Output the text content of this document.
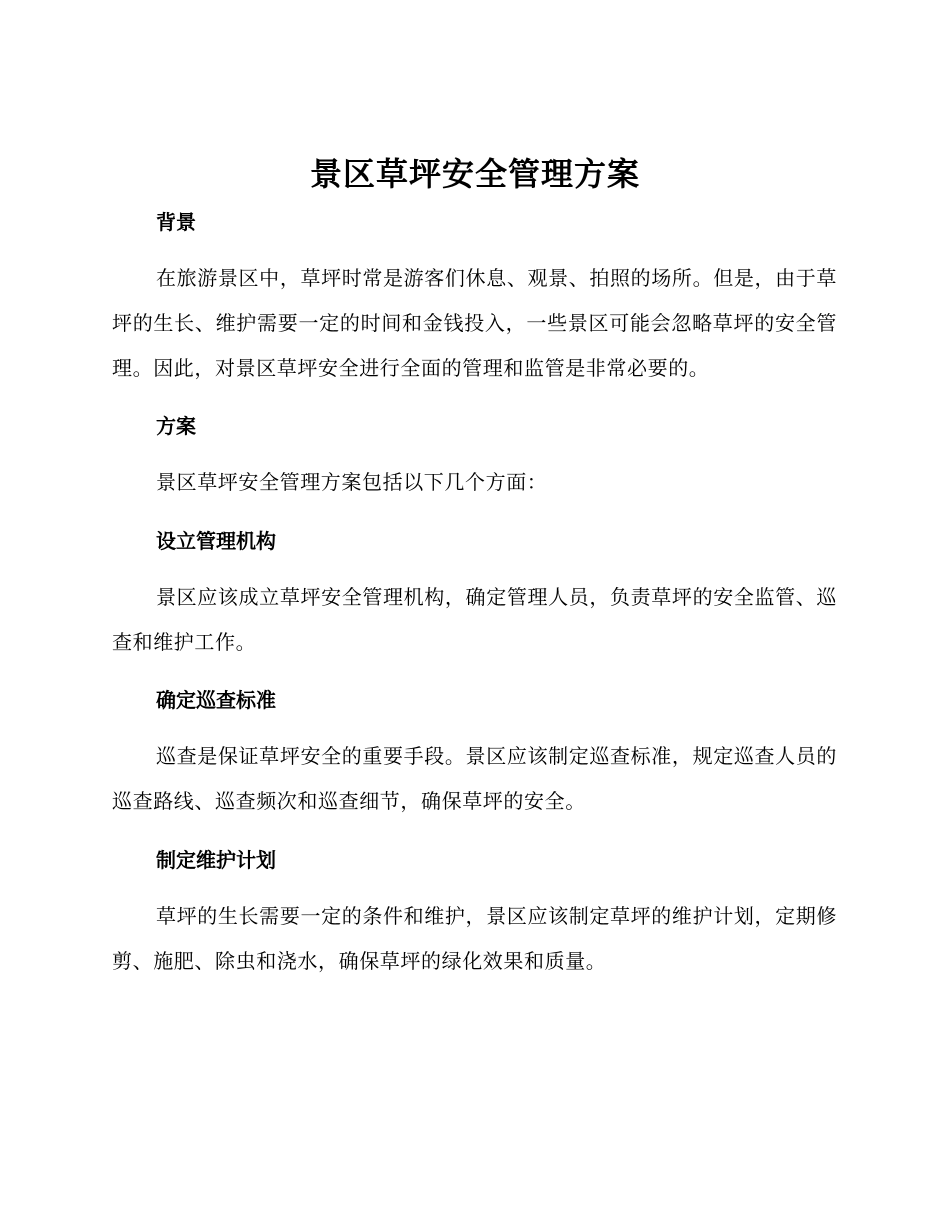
景区草坪安全管理方案
背景

在旅游景区中，草坪时常是游客们休息、观景、拍照的场所。但是，由于草坪的生长、维护需要一定的时间和金钱投入，一些景区可能会忽略草坪的安全管理。因此，对景区草坪安全进行全面的管理和监管是非常必要的。

方案

景区草坪安全管理方案包括以下几个方面：

设立管理机构

景区应该成立草坪安全管理机构，确定管理人员，负责草坪的安全监管、巡查和维护工作。

确定巡查标准

巡查是保证草坪安全的重要手段。景区应该制定巡查标准，规定巡查人员的巡查路线、巡查频次和巡查细节，确保草坪的安全。

制定维护计划

草坪的生长需要一定的条件和维护，景区应该制定草坪的维护计划，定期修剪、施肥、除虫和浇水，确保草坪的绿化效果和质量。
